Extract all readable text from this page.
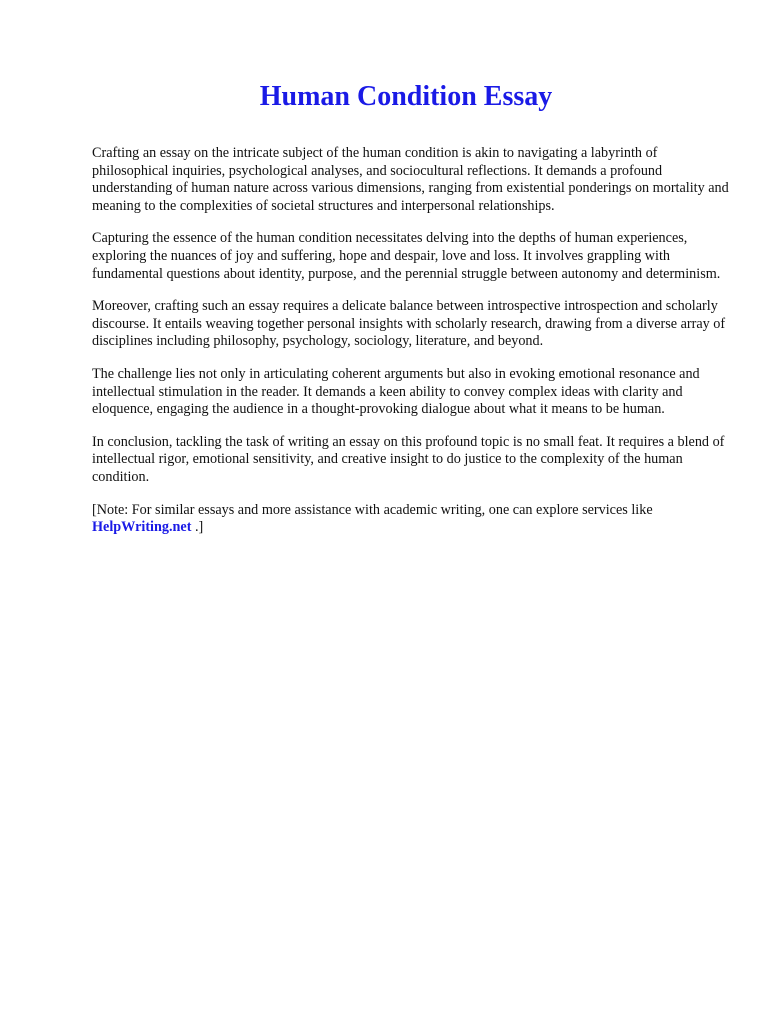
Human Condition Essay

Crafting an essay on the intricate subject of the human condition is akin to navigating a labyrinth of philosophical inquiries, psychological analyses, and sociocultural reflections. It demands a profound understanding of human nature across various dimensions, ranging from existential ponderings on mortality and meaning to the complexities of societal structures and interpersonal relationships.

Capturing the essence of the human condition necessitates delving into the depths of human experiences, exploring the nuances of joy and suffering, hope and despair, love and loss. It involves grappling with fundamental questions about identity, purpose, and the perennial struggle between autonomy and determinism.

Moreover, crafting such an essay requires a delicate balance between introspective introspection and scholarly discourse. It entails weaving together personal insights with scholarly research, drawing from a diverse array of disciplines including philosophy, psychology, sociology, literature, and beyond.

The challenge lies not only in articulating coherent arguments but also in evoking emotional resonance and intellectual stimulation in the reader. It demands a keen ability to convey complex ideas with clarity and eloquence, engaging the audience in a thought-provoking dialogue about what it means to be human.

In conclusion, tackling the task of writing an essay on this profound topic is no small feat. It requires a blend of intellectual rigor, emotional sensitivity, and creative insight to do justice to the complexity of the human condition.

[Note: For similar essays and more assistance with academic writing, one can explore services like HelpWriting.net .]
